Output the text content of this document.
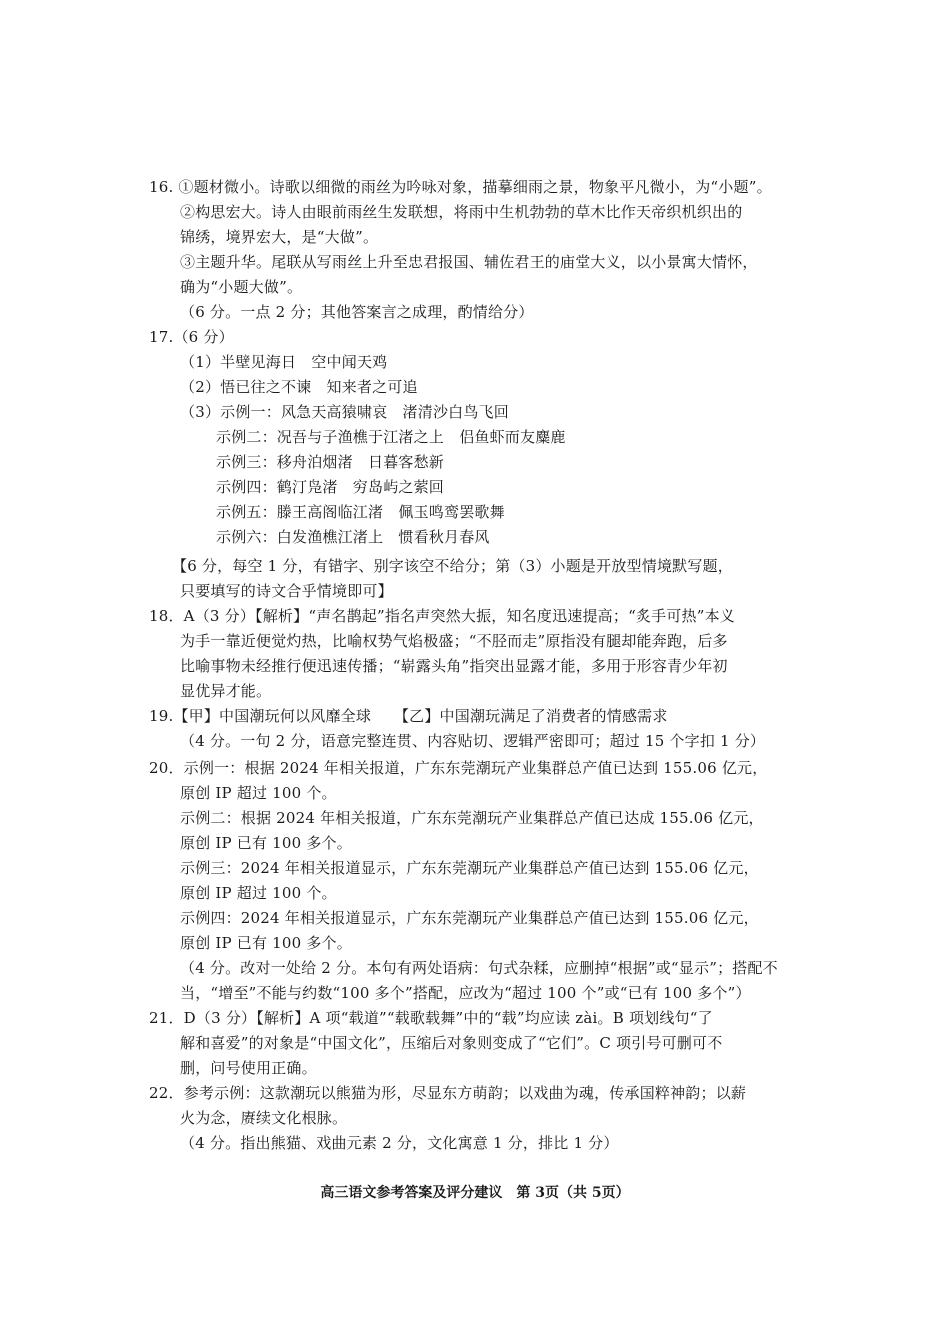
16. ①题材微小。诗歌以细微的雨丝为吟咏对象，描摹细雨之景，物象平凡微小，为“小题”。
②构思宏大。诗人由眼前雨丝生发联想，将雨中生机勃勃的草木比作天帝织机织出的
锦绣，境界宏大，是“大做”。
③主题升华。尾联从写雨丝上升至忠君报国、辅佐君王的庙堂大义，以小景寓大情怀，
确为“小题大做”。
（6 分。一点 2 分；其他答案言之成理，酌情给分）
17.（6 分）
（1）半壁见海日　空中闻天鸡
（2）悟已往之不谏　知来者之可追
（3）示例一：风急天高猿啸哀　渚清沙白鸟飞回
示例二：况吾与子渔樵于江渚之上　侣鱼虾而友麋鹿
示例三：移舟泊烟渚　日暮客愁新
示例四：鹤汀凫渚　穷岛屿之萦回
示例五：滕王高阁临江渚　佩玉鸣鸾罢歌舞
示例六：白发渔樵江渚上　惯看秋月春风
【6 分，每空 1 分，有错字、别字该空不给分；第（3）小题是开放型情境默写题，
只要填写的诗文合乎情境即可】
18．A（3 分）【解析】“声名鹊起”指名声突然大振，知名度迅速提高；“炙手可热”本义
为手一靠近便觉灼热，比喻权势气焰极盛；“不胫而走”原指没有腿却能奔跑，后多
比喻事物未经推行便迅速传播；“崭露头角”指突出显露才能，多用于形容青少年初
显优异才能。
19.【甲】中国潮玩何以风靡全球　　【乙】中国潮玩满足了消费者的情感需求
（4 分。一句 2 分，语意完整连贯、内容贴切、逻辑严密即可；超过 15 个字扣 1 分）
20．示例一：根据 2024 年相关报道，广东东莞潮玩产业集群总产值已达到 155.06 亿元，
原创 IP 超过 100 个。
示例二：根据 2024 年相关报道，广东东莞潮玩产业集群总产值已达成 155.06 亿元，
原创 IP 已有 100 多个。
示例三：2024 年相关报道显示，广东东莞潮玩产业集群总产值已达到 155.06 亿元，
原创 IP 超过 100 个。
示例四：2024 年相关报道显示，广东东莞潮玩产业集群总产值已达到 155.06 亿元，
原创 IP 已有 100 多个。
（4 分。改对一处给 2 分。本句有两处语病：句式杂糅，应删掉“根据”或“显示”；搭配不
当，“增至”不能与约数“100 多个”搭配，应改为“超过 100 个”或“已有 100 多个”）
21．D（3 分）【解析】A 项“载道”“载歌载舞”中的“载”均应读 zài。B 项划线句“了
解和喜爱”的对象是“中国文化”，压缩后对象则变成了“它们”。C 项引号可删可不
删，问号使用正确。
22．参考示例：这款潮玩以熊猫为形，尽显东方萌韵；以戏曲为魂，传承国粹神韵；以薪
火为念，赓续文化根脉。
（4 分。指出熊猫、戏曲元素 2 分，文化寓意 1 分，排比 1 分）
高三语文参考答案及评分建议　第 3页（共 5页）
